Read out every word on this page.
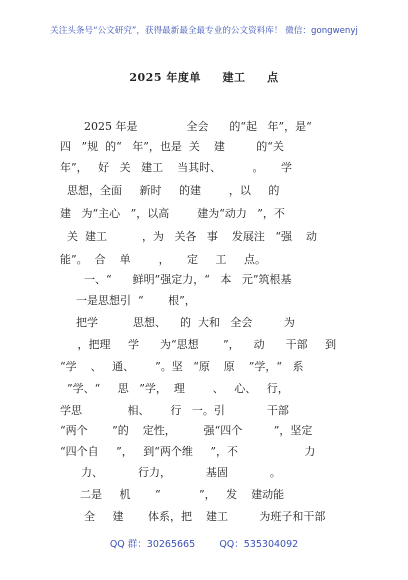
关注头条号“公文研究”，获得最新最全最专业的公文资料库！ 微信：gongwenyj
2025 年度单     建工     点
2025 年是              全会      的“起   年”，是“
四   ”规  的“   年”，也是  关    建         的“关
年”，   好   关   建工    当其时、         。     学
思想，全面     新时     的建        ，以     的
建   为“主心   ”，以高        建为“动力   ”，不
关  建工          ，为   关各   事    发展注   “强    动
能”。  合    单        ，     定     工     点。
一、“      鲜明”强定力，“   本   元”筑根基
一是思想引  “       根”，
把学          思想、    的  大和   全会         为
，把理     学      为“思想       ”，    动      干部     到
“学    、   通、      ”。坚   “原    原    ”学，“   系
”学、“     思   ”学，  理        、   心、   行，
学思             相、      行   一。引            干部
“两个       ”的    定性，        强“四个         ”，坚定
“四个自     ”，   到“两个维     ”，不                   力
力、          行力，          基固            。
二是     机       “           ”，   发    建动能
全     建       体系，把    建工         为班子和干部
QQ 群：30265665	QQ：535304092
